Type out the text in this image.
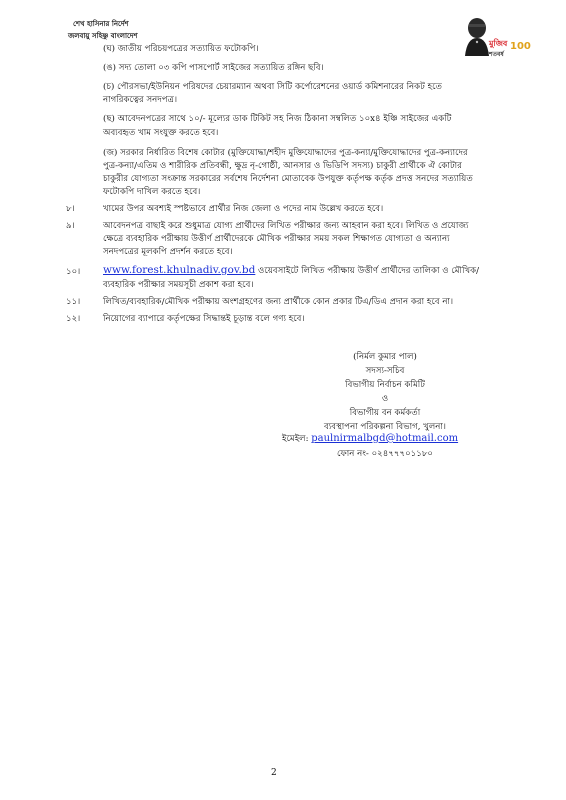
শেখ হাসিনার নির্দেশ
জলবায়ু সহিষ্ণু বাংলাদেশ
মুজিব
শতবর্ষ
100
(ঘ) জাতীয় পরিচয়পত্রের সত্যায়িত ফটোকপি।
(ঙ) সদ্য তোলা ০৩ কপি পাসপোর্ট সাইজের সত্যায়িত রঙ্গিন ছবি।
(চ) পৌরসভা/ইউনিয়ন পরিষদের চেয়ারম্যান অথবা সিটি কর্পোরেশনের ওয়ার্ড কমিশনারের নিকট হতে
নাগরিকত্বের সনদপত্র।
(ছ) আবেদনপত্রের সাথে ১০/- মূল্যের ডাক টিকিট সহ নিজ ঠিকানা সম্বলিত ১০x৪ ইঞ্চি সাইজের একটি
অব্যবহৃত খাম সংযুক্ত করতে হবে।
(জ) সরকার নির্ধারিত বিশেষ কোটার (মুক্তিযোদ্ধা/শহীদ মুক্তিযোদ্ধাদের পুত্র-কন্যা/মুক্তিযোদ্ধাদের পুত্র-কন্যাদের
পুত্র-কন্যা/এতিম ও শারীরিক প্রতিবন্ধী, ক্ষুদ্র নৃ-গোষ্ঠী, আনসার ও ভিডিপি সদস্য) চাকুরী প্রার্থীকে ঐ কোটার
চাকুরীর যোগ্যতা সংক্রান্ত সরকারের সর্বশেষ নির্দেশনা মোতাবেক উপযুক্ত কর্তৃপক্ষ কর্তৃক প্রদত্ত সনদের সত্যায়িত
ফটোকপি দাখিল করতে হবে।
৮।	খামের উপর অবশ্যই স্পষ্টভাবে প্রার্থীর নিজ জেলা ও পদের নাম উল্লেখ করতে হবে।
৯।	আবেদনপত্র বাছাই করে শুধুমাত্র যোগ্য প্রার্থীদের লিখিত পরীক্ষার জন্য আহবান করা হবে। লিখিত ও প্রযোজ্য
ক্ষেত্রে ব্যবহারিক পরীক্ষায় উত্তীর্ণ প্রার্থীদেরকে মৌখিক পরীক্ষার সময় সকল শিক্ষাগত যোগ্যতা ও অন্যান্য
সনদপত্রের মূলকপি প্রদর্শন করতে হবে।
১০। www.forest.khulnadiv.gov.bd ওয়েবসাইটে লিখিত পরীক্ষায় উত্তীর্ণ প্রার্থীদের তালিকা ও মৌখিক/
ব্যবহারিক পরীক্ষার সময়সূচী প্রকাশ করা হবে।
১১।	লিখিত/ব্যবহারিক/মৌখিক পরীক্ষায় অংশগ্রহণের জন্য প্রার্থীকে কোন প্রকার টিএ/ডিএ প্রদান করা হবে না।
১২।	নিয়োগের ব্যাপারে কর্তৃপক্ষের সিদ্ধান্তই চূড়ান্ত বলে গণ্য হবে।
(নির্মল কুমার পাল)
সদস্য-সচিব
বিভাগীয় নির্বাচন কমিটি
ও
বিভাগীয় বন কর্মকর্তা
ব্যবস্থাপনা পরিকল্পনা বিভাগ, খুলনা।
ইমেইল: paulnirmalbgd@hotmail.com
ফোন নং- ০২৪৭৭৭০১১৮০
2
